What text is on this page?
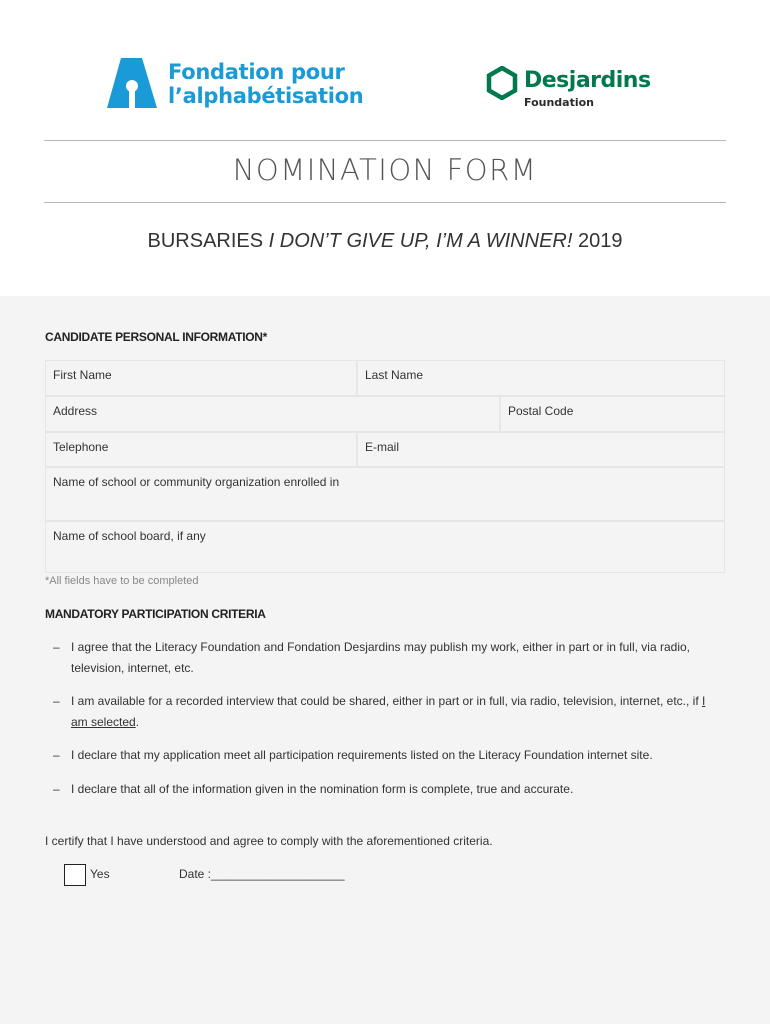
Fondation pour
l’alphabétisation
Desjardins
Foundation
NOMINATION FORM
BURSARIES I DON’T GIVE UP, I’M A WINNER! 2019
CANDIDATE PERSONAL INFORMATION*
First Name	Last Name
Address	Postal Code
Telephone	E-mail
Name of school or community organization enrolled in
Name of school board, if any
*All fields have to be completed
MANDATORY PARTICIPATION CRITERIA
– I agree that the Literacy Foundation and Fondation Desjardins may publish my work, either in part or in full, via radio, television, internet, etc.
– I am available for a recorded interview that could be shared, either in part or in full, via radio, television, internet, etc., if I am selected.
– I declare that my application meet all participation requirements listed on the Literacy Foundation internet site.
– I declare that all of the information given in the nomination form is complete, true and accurate.
I certify that I have understood and agree to comply with the aforementioned criteria.
Yes	Date :____________________
